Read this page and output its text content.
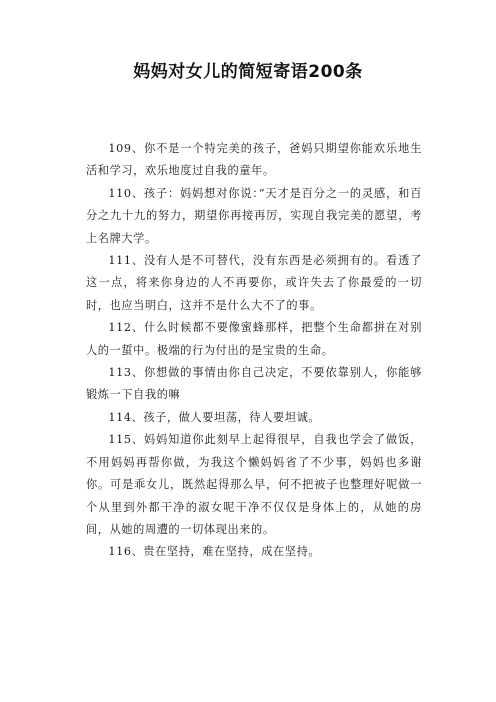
妈妈对女儿的简短寄语200条

109、你不是一个特完美的孩子，爸妈只期望你能欢乐地生活和学习，欢乐地度过自我的童年。

110、孩子：妈妈想对你说：”天才是百分之一的灵感，和百分之九十九的努力，期望你再接再厉，实现自我完美的愿望，考上名牌大学。

111、没有人是不可替代，没有东西是必须拥有的。看透了这一点，将来你身边的人不再要你，或许失去了你最爱的一切时，也应当明白，这并不是什么大不了的事。

112、什么时候都不要像蜜蜂那样，把整个生命都拼在对别人的一蜇中。极端的行为付出的是宝贵的生命。

113、你想做的事情由你自己决定，不要依靠别人，你能够锻炼一下自我的嘛

114、孩子，做人要坦荡，待人要坦诚。

115、妈妈知道你此刻早上起得很早，自我也学会了做饭，不用妈妈再帮你做，为我这个懒妈妈省了不少事，妈妈也多谢你。可是乖女儿，既然起得那么早，何不把被子也整理好呢做一个从里到外都干净的淑女呢干净不仅仅是身体上的，从她的房间，从她的周遭的一切体现出来的。

116、贵在坚持，难在坚持，成在坚持。
